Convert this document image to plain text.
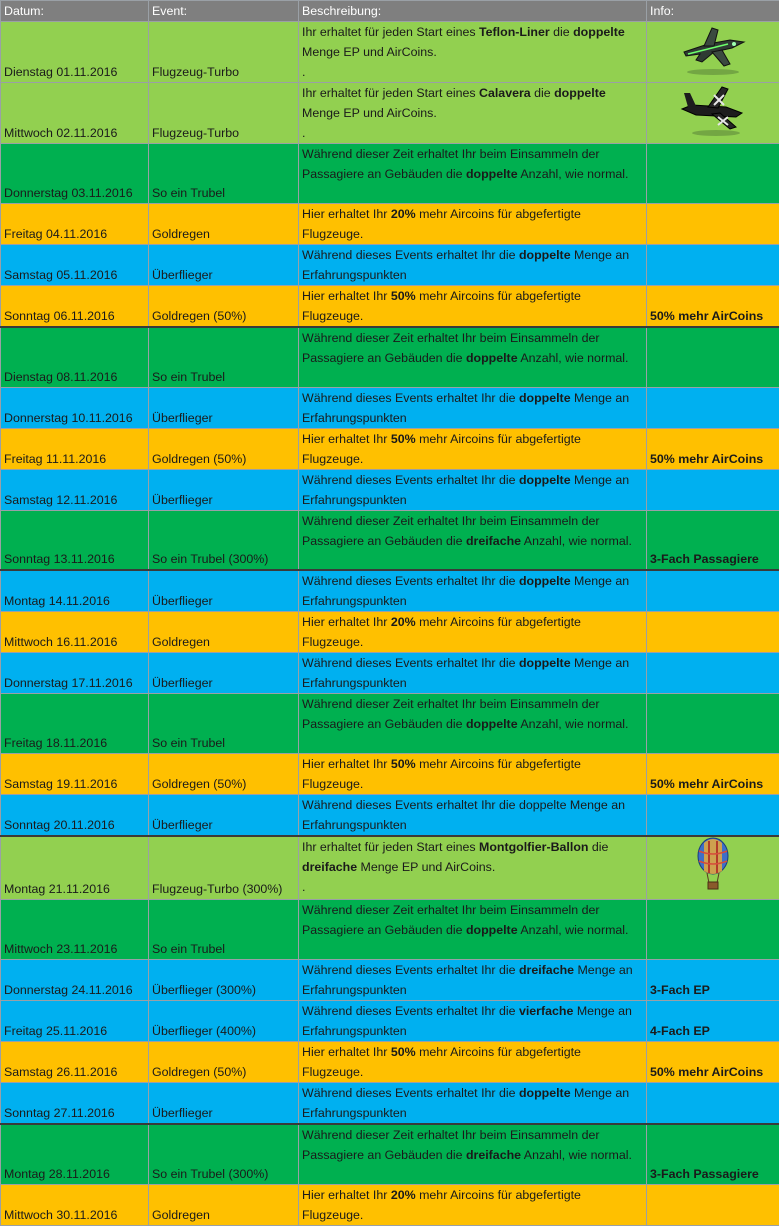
Datum:	Event:	Beschreibung:	Info:
Dienstag 01.11.2016	Flugzeug-Turbo	Ihr erhaltet für jeden Start eines Teflon-Liner die doppelte Menge EP und AirCoins.
.	
Mittwoch 02.11.2016	Flugzeug-Turbo	Ihr erhaltet für jeden Start eines Calavera die doppelte Menge EP und AirCoins.
.	
Donnerstag 03.11.2016	So ein Trubel	Während dieser Zeit erhaltet Ihr beim Einsammeln der Passagiere an Gebäuden die doppelte Anzahl, wie normal.	
Freitag 04.11.2016	Goldregen	Hier erhaltet Ihr 20% mehr Aircoins für abgefertigte Flugzeuge.	
Samstag 05.11.2016	Überflieger	Während dieses Events erhaltet Ihr die doppelte Menge an Erfahrungspunkten	
Sonntag 06.11.2016	Goldregen (50%)	Hier erhaltet Ihr 50% mehr Aircoins für abgefertigte Flugzeuge.	50% mehr AirCoins
Dienstag 08.11.2016	So ein Trubel	Während dieser Zeit erhaltet Ihr beim Einsammeln der Passagiere an Gebäuden die doppelte Anzahl, wie normal.	
Donnerstag 10.11.2016	Überflieger	Während dieses Events erhaltet Ihr die doppelte Menge an Erfahrungspunkten	
Freitag 11.11.2016	Goldregen (50%)	Hier erhaltet Ihr 50% mehr Aircoins für abgefertigte Flugzeuge.	50% mehr AirCoins
Samstag 12.11.2016	Überflieger	Während dieses Events erhaltet Ihr die doppelte Menge an Erfahrungspunkten	
Sonntag 13.11.2016	So ein Trubel (300%)	Während dieser Zeit erhaltet Ihr beim Einsammeln der Passagiere an Gebäuden die dreifache Anzahl, wie normal.	3-Fach Passagiere
Montag 14.11.2016	Überflieger	Während dieses Events erhaltet Ihr die doppelte Menge an Erfahrungspunkten	
Mittwoch 16.11.2016	Goldregen	Hier erhaltet Ihr 20% mehr Aircoins für abgefertigte Flugzeuge.	
Donnerstag 17.11.2016	Überflieger	Während dieses Events erhaltet Ihr die doppelte Menge an Erfahrungspunkten	
Freitag 18.11.2016	So ein Trubel	Während dieser Zeit erhaltet Ihr beim Einsammeln der Passagiere an Gebäuden die doppelte Anzahl, wie normal.	
Samstag 19.11.2016	Goldregen (50%)	Hier erhaltet Ihr 50% mehr Aircoins für abgefertigte Flugzeuge.	50% mehr AirCoins
Sonntag 20.11.2016	Überflieger	Während dieses Events erhaltet Ihr die doppelte Menge an Erfahrungspunkten	
Montag 21.11.2016	Flugzeug-Turbo (300%)	Ihr erhaltet für jeden Start eines Montgolfier-Ballon die dreifache Menge EP und AirCoins.
.	
Mittwoch 23.11.2016	So ein Trubel	Während dieser Zeit erhaltet Ihr beim Einsammeln der Passagiere an Gebäuden die doppelte Anzahl, wie normal.	
Donnerstag 24.11.2016	Überflieger (300%)	Während dieses Events erhaltet Ihr die dreifache Menge an Erfahrungspunkten	3-Fach EP
Freitag 25.11.2016	Überflieger (400%)	Während dieses Events erhaltet Ihr die vierfache Menge an Erfahrungspunkten	4-Fach EP
Samstag 26.11.2016	Goldregen (50%)	Hier erhaltet Ihr 50% mehr Aircoins für abgefertigte Flugzeuge.	50% mehr AirCoins
Sonntag 27.11.2016	Überflieger	Während dieses Events erhaltet Ihr die doppelte Menge an Erfahrungspunkten	
Montag 28.11.2016	So ein Trubel (300%)	Während dieser Zeit erhaltet Ihr beim Einsammeln der Passagiere an Gebäuden die dreifache Anzahl, wie normal.	3-Fach Passagiere
Mittwoch 30.11.2016	Goldregen	Hier erhaltet Ihr 20% mehr Aircoins für abgefertigte Flugzeuge.	
